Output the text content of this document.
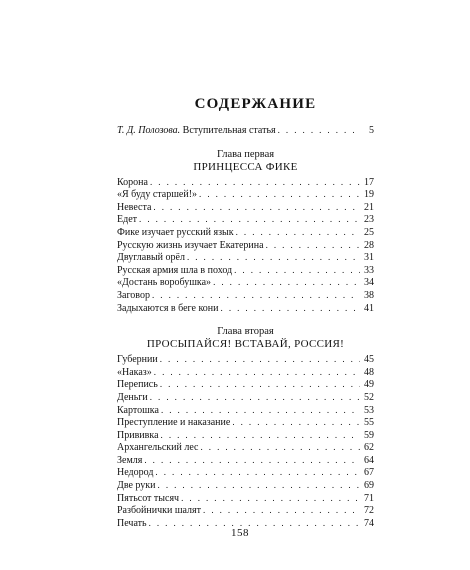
СОДЕРЖАНИЕ
Т. Д. Полозова. Вступительная статья . . .	5
Глава первая
ПРИНЦЕССА ФИКЕ
Корона . . .	17
«Я буду старшей!» . . .	19
Невеста . . .	21
Едет . . .	23
Фике изучает русский язык . . .	25
Русскую жизнь изучает Екатерина . . .	28
Двуглавый орёл . . .	31
Русская армия шла в поход . . .	33
«Достань воробушка» . . .	34
Заговор . . .	38
Задыхаются в беге кони . . .	41
Глава вторая
ПРОСЫПАЙСЯ! ВСТАВАЙ, РОССИЯ!
Губернии . . .	45
«Наказ» . . .	48
Перепись . . .	49
Деньги . . .	52
Картошка . . .	53
Преступление и наказание . . .	55
Прививка . . .	59
Архангельский лес . . .	62
Земля . . .	64
Недород . . .	67
Две руки . . .	69
Пятьсот тысяч . . .	71
Разбойнички шалят . . .	72
Печать . . .	74
158
